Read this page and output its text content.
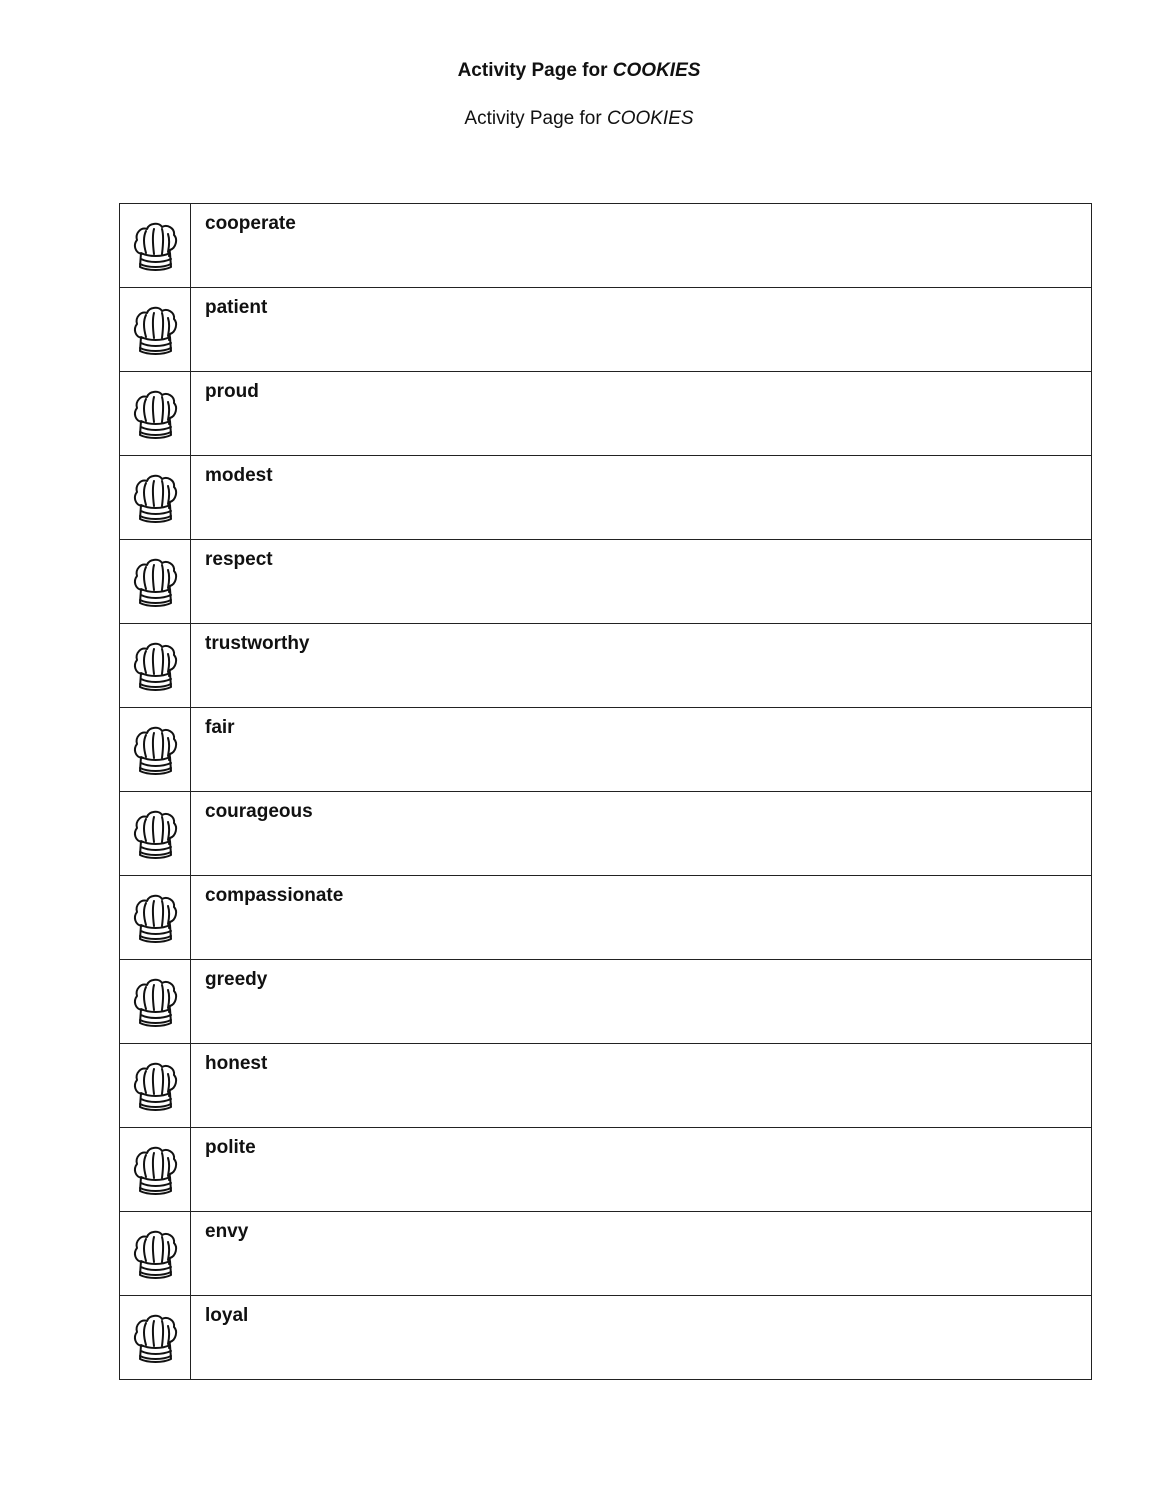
Activity Page for COOKIES
Activity Page for COOKIES

cooperate

patient

proud

modest

respect

trustworthy

fair

courageous

compassionate

greedy

honest

polite

envy

loyal
